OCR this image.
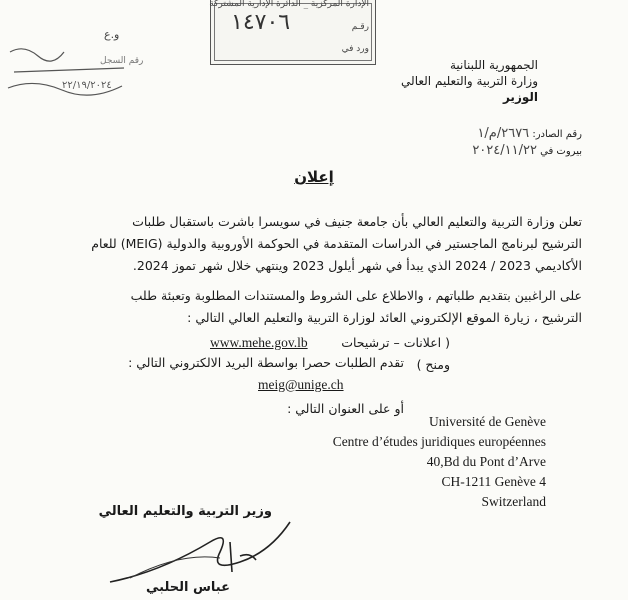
الإدارة المركزية _ الدائرة الإدارية المشتركة
رقـم
١٤٧٠٦
ورد في
و.ع
رقم السجل
٢٢/١٩/٢٠٢٤
الجمهورية اللبنانية
وزارة التربية والتعليم العالي
الوزير
رقم الصادر: ٢٦٧٦/م/١
بيروت في ٢٠٢٤/١١/٢٢
إعلان
تعلن وزارة التربية والتعليم العالي بأن جامعة جنيف في سويسرا باشرت باستقبال طلبات
الترشيح لبرنامج الماجستير في الدراسات المتقدمة في الحوكمة الأوروبية والدولية (MEIG) للعام
الأكاديمي 2023 / 2024 الذي يبدأ في شهر أيلول 2023 وينتهي خلال شهر تموز 2024.
على الراغبين بتقديم طلباتهم ، والاطلاع على الشروط والمستندات المطلوبة وتعبئة طلب
الترشيح ، زيارة الموقع الإلكتروني العائد لوزارة التربية والتعليم العالي التالي :
www.mehe.gov.lb	( اعلانات – ترشيحات ومنح )
تقدم الطلبات حصرا بواسطة البريد الالكتروني التالي :
meig@unige.ch
أو على العنوان التالي :
Université de Genève
Centre d’études juridiques européennes
40,Bd du Pont d’Arve
CH-1211 Genève 4
Switzerland
وزير التربية والتعليم العالي
عباس الحلبي
